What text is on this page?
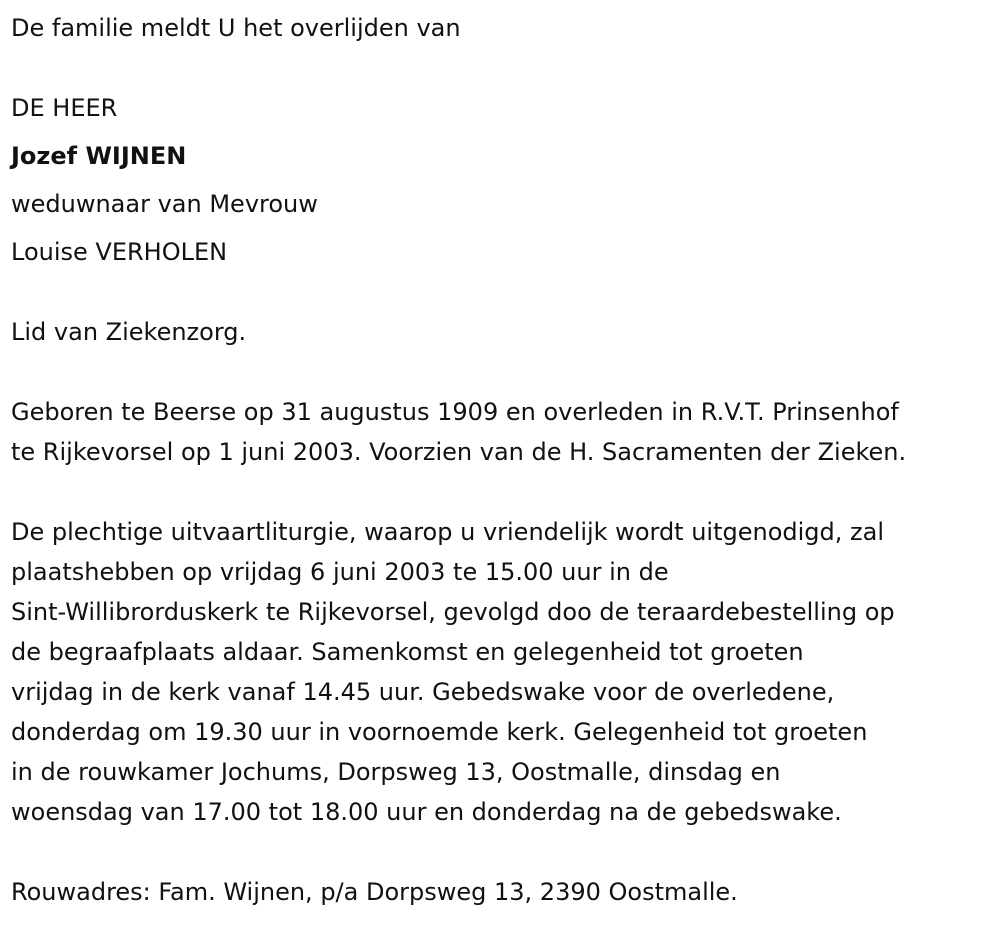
De familie meldt U het overlijden van

DE HEER

Jozef WIJNEN

weduwnaar van Mevrouw

Louise VERHOLEN

Lid van Ziekenzorg.

Geboren te Beerse op 31 augustus 1909 en overleden in R.V.T. Prinsenhof
te Rijkevorsel op 1 juni 2003. Voorzien van de H. Sacramenten der Zieken.
De plechtige uitvaartliturgie, waarop u vriendelijk wordt uitgenodigd, zal
plaatshebben op vrijdag 6 juni 2003 te 15.00 uur in de
Sint-Willibrorduskerk te Rijkevorsel, gevolgd doo de teraardebestelling op
de begraafplaats aldaar. Samenkomst en gelegenheid tot groeten
vrijdag in de kerk vanaf 14.45 uur. Gebedswake voor de overledene,
donderdag om 19.30 uur in voornoemde kerk. Gelegenheid tot groeten
in de rouwkamer Jochums, Dorpsweg 13, Oostmalle, dinsdag en
woensdag van 17.00 tot 18.00 uur en donderdag na de gebedswake.

Rouwadres: Fam. Wijnen, p/a Dorpsweg 13, 2390 Oostmalle.
